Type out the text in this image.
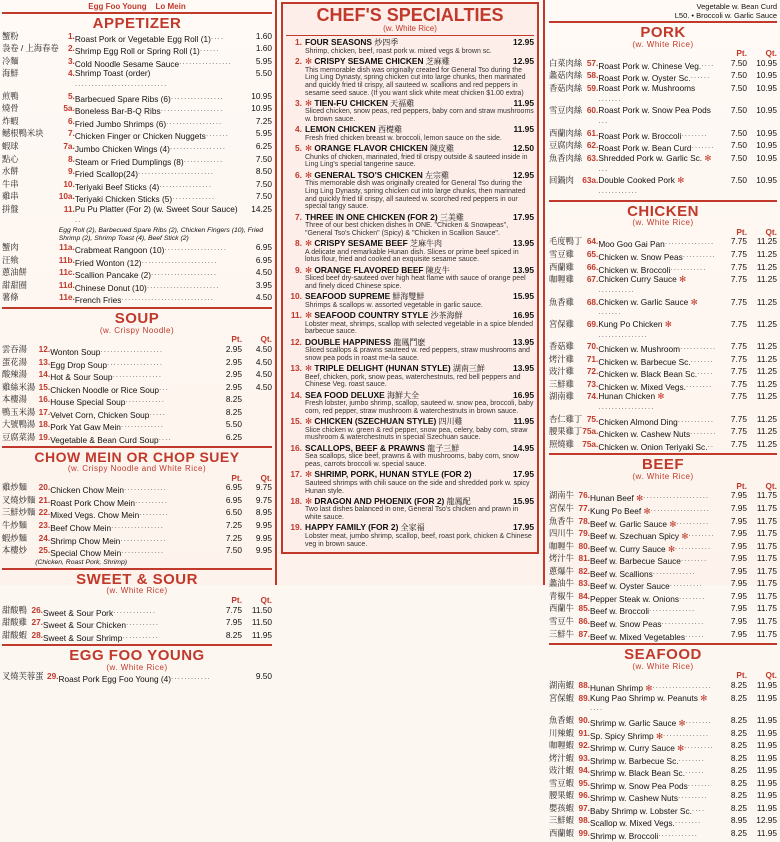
Egg Foo Young Lo Mein
APPETIZER
蟹粉	1.	Roast Pork or Vegetable Egg Roll (1)....	1.60
袅卷 / 上海春卷	2.	Shrimp Egg Roll or Spring Roll (1)......	1.60
冷麵	3.	Cold Noodle Sesame Sauce................	5.95
海鮮	4.	Shrimp Toast (order)............................	5.50
煎鴨	5.	Barbecued Spare Ribs (6)................	10.95
燒骨	5a.	Boneless Bar-B-Q Ribs...................	10.95
炸蝦	6.	Fried Jumbo Shrimps (6).................	7.25
鳡根鴨米块	7.	Chicken Finger or Chicken Nuggets.......	5.95
蝦球	7a.	Jumbo Chicken Wings (4).................	6.25
點心	8.	Steam or Fried Dumplings (8)............	7.50
水餅	9.	Fried Scallop(24).......................	8.50
牛串	10.	Teriyaki Beef Sticks (4)................	7.50
雞串	10a.	Teriyaki Chicken Sticks (5).............	7.50
拼盤	11.	Pu Pu Platter (For 2) (w. Sweet Sour Sauce)..	14.25
	Egg Roll (2), Barbecued Spare Ribs (2), Chicken Fingers (10), Fried Shrimp (2), Shrimp Toast (4), Beef Stick (2)		
蟹肉	11a.	Crabmeat Rangoon (10)...................	6.95
汪飨	11b.	Fried Wonton (12).......................	6.95
蔥油餅	11c.	Scallion Pancake (2)....................	4.50
甜甜圈	11d.	Chinese Donut (10)......................	3.95
薯條	11e.	French Fries............................	4.50
SOUP
(w. Crispy Noodle)
			Pt.	Qt.
雲吞湯	12.	Wonton Soup...................	2.95	4.50
蛋花湯	13.	Egg Drop Soup.................	2.95	4.50
酸辣湯	14.	Hot & Sour Soup...............	2.95	4.50
雞絲米湯	15.	Chicken Noodle or Rice Soup...	2.95	4.50
本樓湯	16.	House Special Soup............	8.25	
鴨玉米湯	17.	Velvet Corn, Chicken Soup.....	8.25	
大號鴨湯	18.	Pork Yat Gaw Mein.............	5.50	
豆腐菜湯	19.	Vegetable & Bean Curd Soup....	6.25	
CHOW MEIN OR CHOP SUEY
(w. Crispy Noodle and White Rice)
			Pt.	Qt.
雞炒麵	20.	Chicken Chow Mein.............	6.95	9.75
叉燒炒麵	21.	Roast Pork Chow Mein..........	6.95	9.75
三鮮炒麵	22.	Mixed Vegs. Chow Mein.........	6.50	8.95
牛炒麵	23.	Beef Chow Mein................	7.25	9.95
蝦炒麵	24.	Shrimp Chow Mein..............	7.25	9.95
本樓炒	25.	Special Chow Mein.............	7.50	9.95
	(Chicken, Roast Pork, Shrimp)			
SWEET & SOUR
(w. White Rice)
			Pt.	Qt.
甜酸鴨	26.	Sweet & Sour Pork.............	7.75	11.50
甜酸雞	27.	Sweet & Sour Chicken..........	7.95	11.50
甜酸蝦	28.	Sweet & Sour Shrimp...........	8.25	11.95
EGG FOO YOUNG
(w. White Rice)
叉燒芙蓉蛋	29.	Roast Pork Egg Foo Young (4)............	9.50
CHEF'S SPECIALTIES
(w. White Rice)
1.	12.95
FOUR SEASONS 炒四季
Shrimp, chicken, beef, roast pork w. mixed vegs & brown sc.

2.	12.95
✻ CRISPY SESAME CHICKEN 芝麻雞
This memorable dish was originally created for General Tso during the Ling Ling Dynasty, spring chicken cut into large chunks, then marinated and quickly fried til crispy, all sauteed w. scallions and red peppers in sesame seed sauce. (If you want slick white meat chicken $1.00 extra)

3.	11.95
✻ TIEN-FU CHICKEN 天福雞
Sliced chicken, snow peas, red peppers, baby corn and straw mushrooms w. brown sauce.

4.	11.95
LEMON CHICKEN 西檚雞
Fresh fried chicken breast w. broccoli, lemon sauce on the side.

5.	12.50
✻ ORANGE FLAVOR CHICKEN 陳皮雞
Chunks of chicken, marinated, fried til crispy outside & sauteed inside in Ling Ling's special tangerine sauce.

6.	12.95
✻ GENERAL TSO'S CHICKEN 左宗雞
This memorable dish was originally created for General Tso during the Ling Ling Dynasty, spring chicken cut into large chunks, then marinated and quickly fried til crispy, all sauteed w. scorched red peppers in our special tangy sauce.

7.	17.95
THREE IN ONE CHICKEN (FOR 2) 三美雞
Three of our best chicken dishes in ONE. "Chicken & Snowpeas", "General Tso's Chicken" (Spicy) & "Chicken in Scallion Sauce".

8.	13.95
✻ CRISPY SESAME BEEF 芝麻牛肉
A delicate and remarkable Hunan dish. Slices or prime beef spiced in lotus flour, fried and cooked an exquisite sesame sauce.

9.	13.95
✻ ORANGE FLAVORED BEEF 陳皮牛
Sliced beef dry-sauteed over high heat flame with sauce of orange peel and finely diced Chinese spice.

10.	15.95
SEAFOOD SUPREME 鮮海雙鮮
Shrimps & scallops w. assorted vegetable in garlic sauce.

11.	16.95
✻ SEAFOOD COUNTRY STYLE 沙茶海鮮
Lobster meat, shrimps, scallop with selected vegetable in a spice blended barbecue sauce.

12.	13.95
DOUBLE HAPPINESS 龍鳳鬥麽
Sliced scallops & prawns sauteed w. red peppers, straw mushrooms and snow pea pods in roast me-la sauce.

13.	13.95
✻ TRIPLE DELIGHT (HUNAN STYLE) 湖南三鮮
Beef, chicken, pork, snow peas, waterchestnuts, red bell peppers and Chinese Veg. roast sauce.

14.	16.95
SEA FOOD DELUXE 海鮮大全
Fresh lobster, jumbo shrimp, scallop, sauteed w. snow pea, broccoli, baby corn, red pepper, straw mushroom & waterchestnuts in brown sauce.

15.	11.95
✻ CHICKEN (SZECHUAN STYLE) 四川雞
Slice chicken w. green & red pepper, snow pea, celery, baby corn, straw mushroom & waterchestnuts in special Szechuan sauce.

16.	14.95
SCALLOPS, BEEF & PRAWNS 龍子三鮮
Sea scallops, slice beef, prawns & with mushrooms, baby corn, snow peas, carrots broccoli w. special sauce.

17.	17.95
✻ SHRIMP, PORK, HUNAN STYLE (FOR 2)
Sauteed shrimps with chili sauce on the side and shredded pork w. spicy Hunan style.

18.	15.95
✻ DRAGON AND PHOENIX (FOR 2) 龍鳳配
Two last dishes balanced in one, General Tso's chicken and prawn in white sauce.

19.	17.95
HAPPY FAMILY (FOR 2) 全家福
Lobster meat, jumbo shrimp, scallop, beef, roast pork, chicken & Chinese veg in brown sauce.
Vegetable w. Bean Curd
L50. • Broccoli w. Garlic Sauce
PORK
(w. White Rice)
			Pt.	Qt.
白菜肉絲	57.	Roast Pork w. Chinese Veg.....	7.50	10.95
蠡菇肉絲	58.	Roast Pork w. Oyster Sc.......	7.50	10.95
香菇肉絲	59.	Roast Pork w. Mushrooms.......	7.50	10.95
雪豆肉絲	60.	Roast Pork w. Snow Pea Pods...	7.50	10.95
西蘭肉絲	61.	Roast Pork w. Broccoli........	7.50	10.95
豆腐肉絲	62.	Roast Pork w. Bean Curd.......	7.50	10.95
魚香肉絲	63.	Shredded Pork w. Garlic Sc. ✻...	7.50	10.95
回鍋肉	63a.	Double Cooked Pork ✻............	7.50	10.95
CHICKEN
(w. White Rice)
			Pt.	Qt.
毛度鴨丁	64.	Moo Goo Gai Pan...............	7.75	11.25
雪豆雞	65.	Chicken w. Snow Peas..........	7.75	11.25
西蘭雞	66.	Chicken w. Broccoli...........	7.75	11.25
咖喱雞	67.	Chicken Curry Sauce ✻...........	7.75	11.25
魚香雞	68.	Chicken w. Garlic Sauce ✻.......	7.75	11.25
宮保雞	69.	Kung Po Chicken ✻...............	7.75	11.25
香菇雞	70.	Chicken w. Mushroom...........	7.75	11.25
烤汁雞	71.	Chicken w. Barbecue Sc........	7.75	11.25
豉汁雞	72.	Chicken w. Black Bean Sc......	7.75	11.25
三鮮雞	73.	Chicken w. Mixed Vegs.........	7.75	11.25
湖南雞	74.	Hunan Chicken ✻.................	7.75	11.25
杏仁雞丁	75.	Chicken Almond Ding...........	7.75	11.25
腰果雞丁	75a.	Chicken w. Cashew Nuts........	7.75	11.25
照燒雞	75a.	Chicken w. Onion Teriyaki Sc...	7.75	11.25
BEEF
(w. White Rice)
			Pt.	Qt.
湖南牛	76.	Hunan Beef ✻....................	7.95	11.75
宮保牛	77.	Kung Po Beef ✻..................	7.95	11.75
魚香牛	78.	Beef w. Garlic Sauce ✻..........	7.95	11.75
四川牛	79.	Beef w. Szechuan Spicy ✻........	7.95	11.75
咖喱牛	80.	Beef w. Curry Sauce ✻...........	7.95	11.75
烤汁牛	81.	Beef w. Barbecue Sauce........	7.95	11.75
蔥爆牛	82.	Beef w. Scallions.............	7.95	11.75
蠡油牛	83.	Beef w. Oyster Sauce..........	7.95	11.75
青椒牛	84.	Pepper Steak w. Onions........	7.95	11.75
西蘭牛	85.	Beef w. Broccoli..............	7.95	11.75
雪豆牛	86.	Beef w. Snow Peas.............	7.95	11.75
三鮮牛	87.	Beef w. Mixed Vegetables......	7.95	11.75
SEAFOOD
(w. White Rice)
			Pt.	Qt.
湖南蝦	88.	Hunan Shrimp ✻..................	8.25	11.95
宮保蝦	89.	Kung Pao Shrimp w. Peanuts ✻....	8.25	11.95
魚香蝦	90.	Shrimp w. Garlic Sauce ✻........	8.25	11.95
川辣蝦	91.	Sp. Spicy Shrimp ✻..............	8.25	11.95
咖喱蝦	92.	Shrimp w. Curry Sauce ✻.........	8.25	11.95
烤汁蝦	93.	Shrimp w. Barbecue Sc.........	8.25	11.95
豉汁蝦	94.	Shrimp w. Black Bean Sc.......	8.25	11.95
雪豆蝦	95.	Shrimp w. Snow Pea Pods.......	8.25	11.95
腰果蝦	96.	Shrimp w. Cashew Nuts.........	8.25	11.95
嬰孩蝦	97.	Baby Shrimp w. Lobster Sc.....	8.25	11.95
三鮮蝦	98.	Scallop w. Mixed Vegs.........	8.95	12.95
西蘭蝦	99.	Shrimp w. Broccoli............	8.25	11.95
